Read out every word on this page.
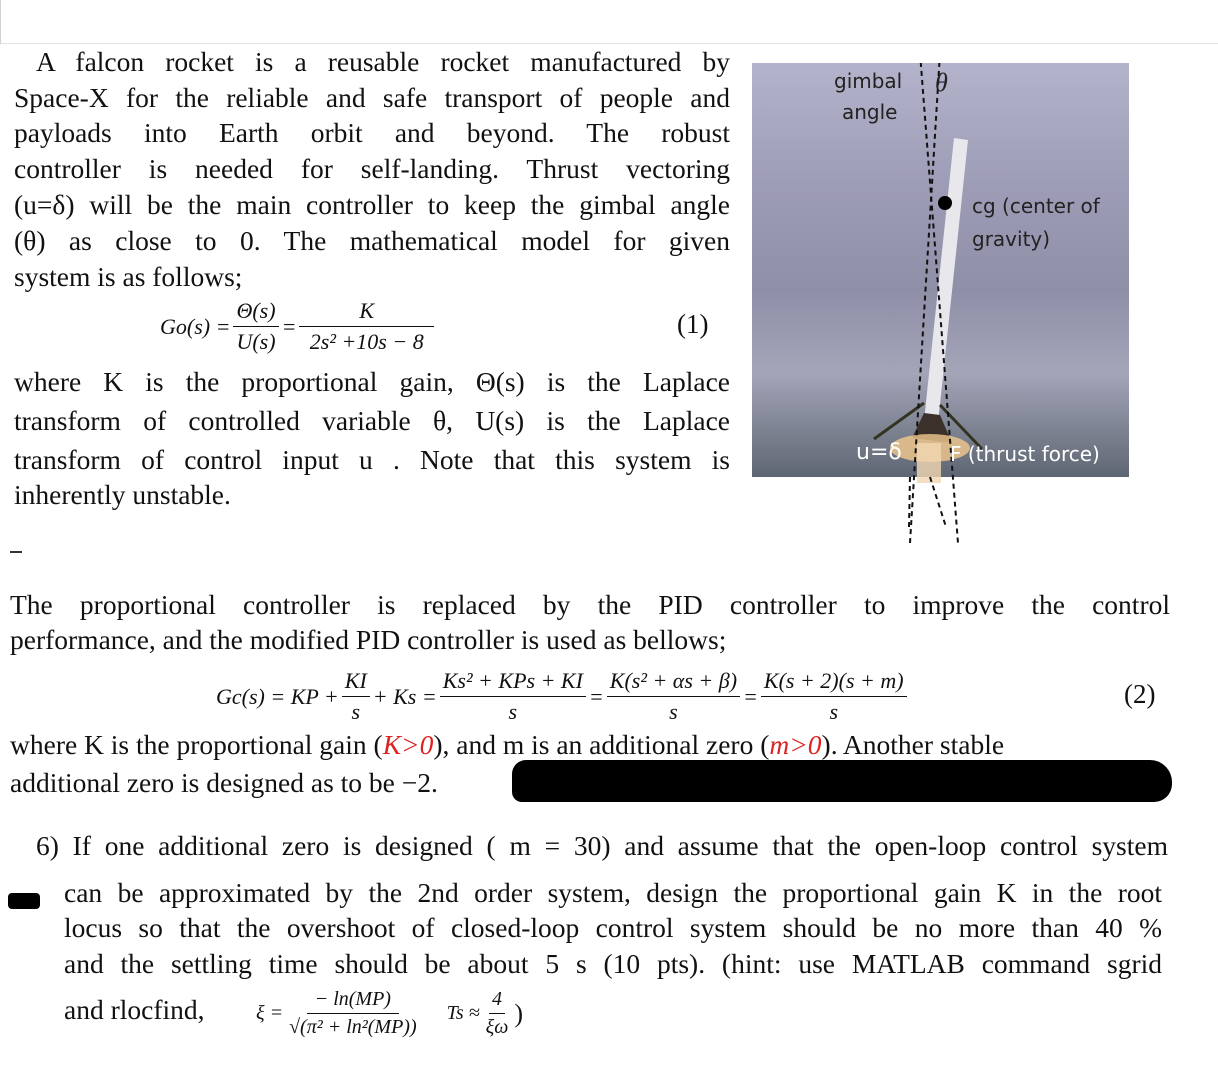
A falcon rocket is a reusable rocket manufactured by
Space-X for the reliable and safe transport of people and
payloads into Earth orbit and beyond. The robust
controller is needed for self-landing. Thrust vectoring
(u=δ) will be the main controller to keep the gimbal angle
(θ) as close to 0. The mathematical model for given
system is as follows;
$Go(s) = \frac{\Theta(s)}{U(s)} = \frac{K}{\text{2s² +10s − 8}}$	(1)
where K is the proportional gain, Θ(s) is the Laplace
transform of controlled variable θ, U(s) is the Laplace
transform of control input u . Note that this system is
inherently unstable.
gimbal
angle
θ
cg (center of
gravity)
u=δ F (thrust force)
The proportional controller is replaced by the PID controller to improve the control
performance, and the modified PID controller is used as bellows;
Gc(s) = KP + $\frac{KI}{s} + Ks = \frac{\text{Ks² + KPs + KI}}{s} = \frac{\text{K(s² + αs + β)}}{s} = \frac{K(s + 2)(s + m)}{s}$	(2)
where K is the proportional gain (K>0), and m is an additional zero (m>0). Another stable
additional zero is designed as to be −2.
6) If one additional zero is designed ( m = 30) and assume that the open-loop control system
can be approximated by the 2nd order system, design the proportional gain K in the root
locus so that the overshoot of closed-loop control system should be no more than 40 %
and the settling time should be about 5 s (10 pts). (hint: use MATLAB command sgrid
and rlocfind,	$\xi = \frac{- \ln(MP)}{\text{√(π² + ln²(MP))}}$ $Ts \approx \frac{4}{\xi\omega}$ )
